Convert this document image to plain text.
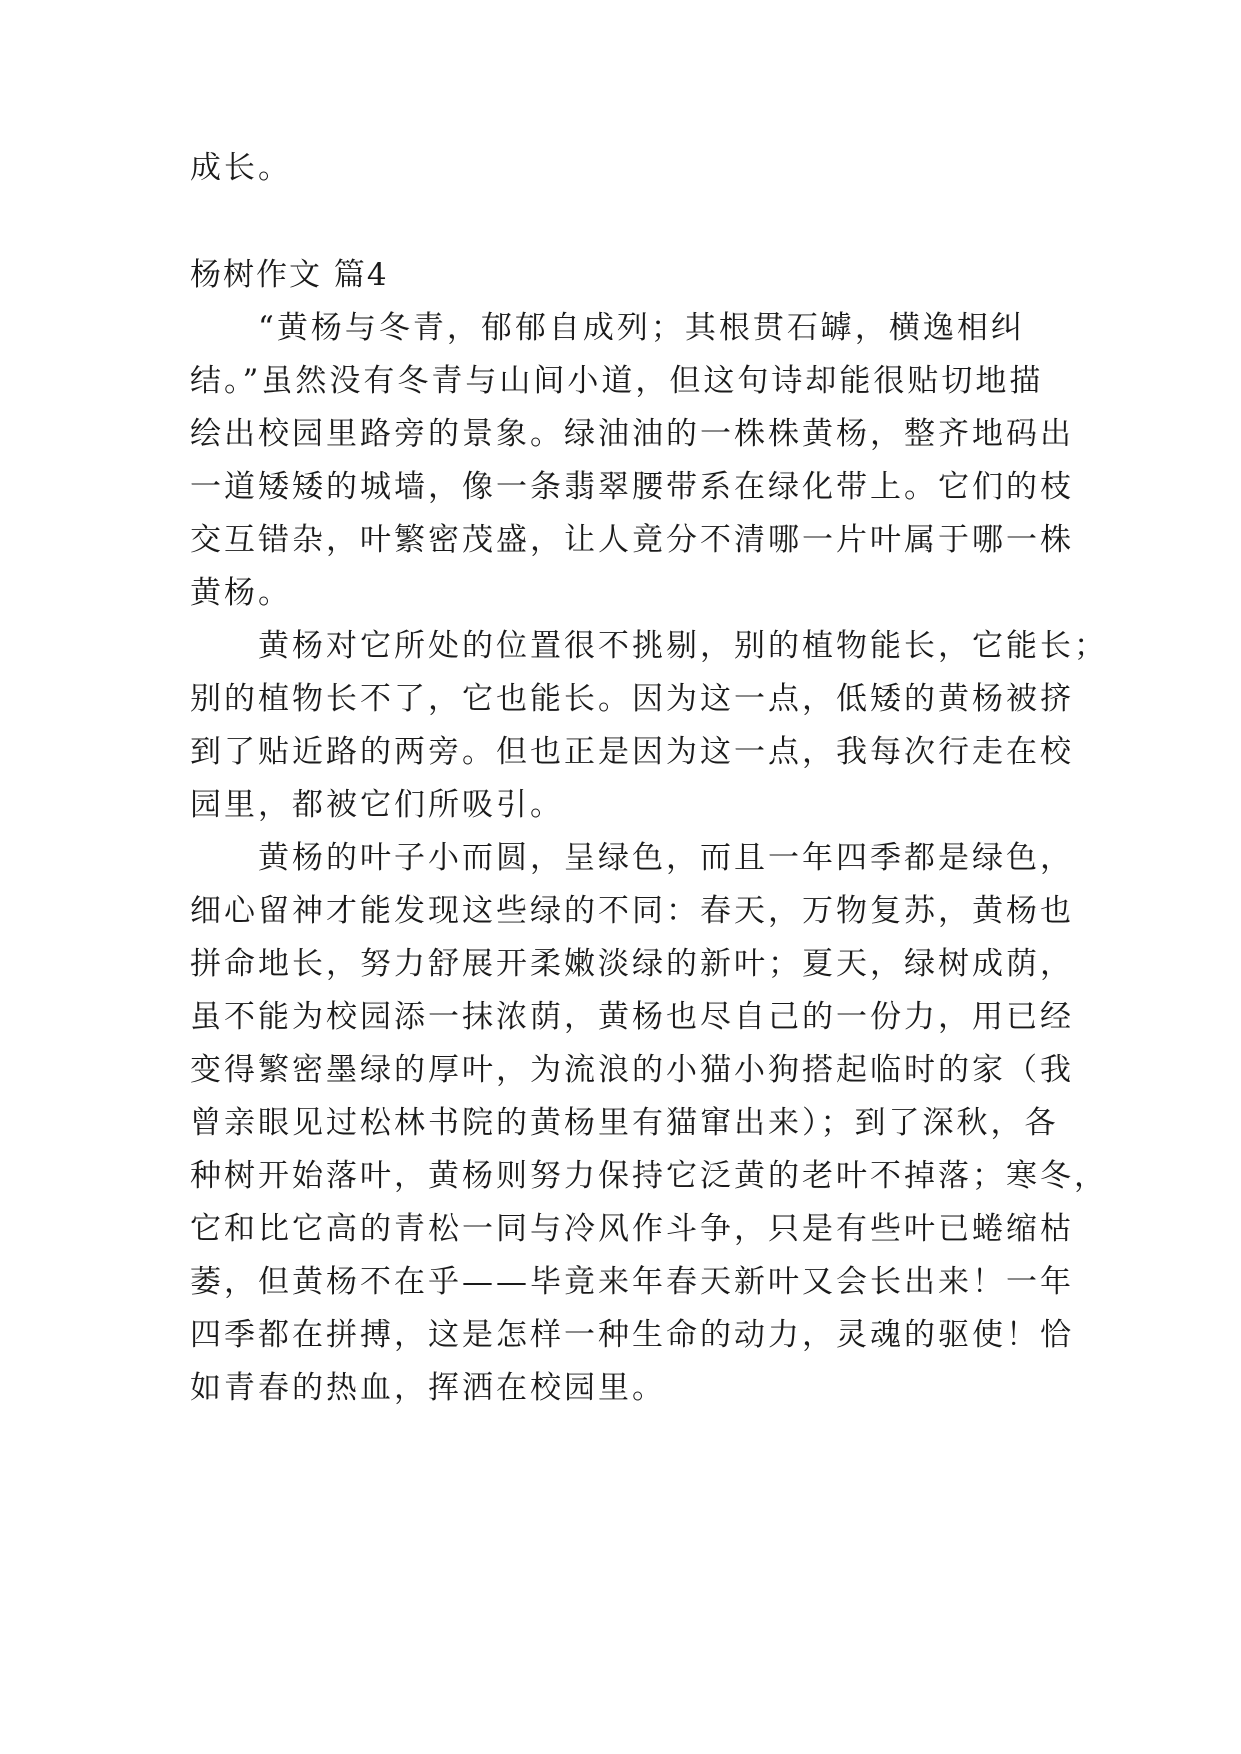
成长。

杨树作文 篇4

“黄杨与冬青，郁郁自成列；其根贯石罅，横逸相纠

结。”虽然没有冬青与山间小道，但这句诗却能很贴切地描

绘出校园里路旁的景象。绿油油的一株株黄杨，整齐地码出

一道矮矮的城墙，像一条翡翠腰带系在绿化带上。它们的枝

交互错杂，叶繁密茂盛，让人竟分不清哪一片叶属于哪一株

黄杨。

黄杨对它所处的位置很不挑剔，别的植物能长，它能长；

别的植物长不了，它也能长。因为这一点，低矮的黄杨被挤

到了贴近路的两旁。但也正是因为这一点，我每次行走在校

园里，都被它们所吸引。

黄杨的叶子小而圆，呈绿色，而且一年四季都是绿色，

细心留神才能发现这些绿的不同：春天，万物复苏，黄杨也

拼命地长，努力舒展开柔嫩淡绿的新叶；夏天，绿树成荫，

虽不能为校园添一抹浓荫，黄杨也尽自己的一份力，用已经

变得繁密墨绿的厚叶，为流浪的小猫小狗搭起临时的家（我

曾亲眼见过松林书院的黄杨里有猫窜出来）；到了深秋，各

种树开始落叶，黄杨则努力保持它泛黄的老叶不掉落；寒冬，

它和比它高的青松一同与冷风作斗争，只是有些叶已蜷缩枯

萎，但黄杨不在乎——毕竟来年春天新叶又会长出来！一年

四季都在拼搏，这是怎样一种生命的动力，灵魂的驱使！恰

如青春的热血，挥洒在校园里。
